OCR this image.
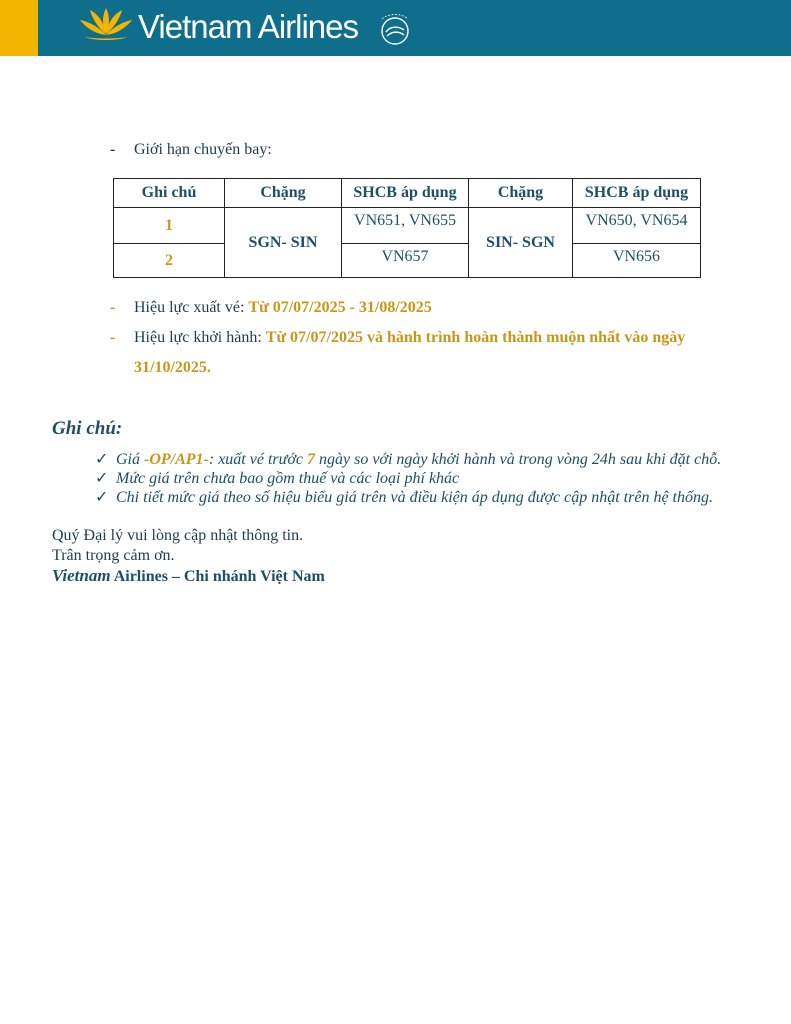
Vietnam Airlines
- Giới hạn chuyến bay:
Ghi chú	Chặng	SHCB áp dụng	Chặng	SHCB áp dụng
1	SGN- SIN	VN651, VN655	SIN- SGN	VN650, VN654
2		VN657		VN656
- Hiệu lực xuất vé: Từ 07/07/2025 - 31/08/2025
- Hiệu lực khởi hành: Từ 07/07/2025 và hành trình hoàn thành muộn nhất vào ngày
31/10/2025.
Ghi chú:
✓ Giá -OP/AP1-: xuất vé trước 7 ngày so với ngày khởi hành và trong vòng 24h sau khi đặt chỗ.
✓ Mức giá trên chưa bao gồm thuế và các loại phí khác
✓ Chi tiết mức giá theo số hiệu biểu giá trên và điều kiện áp dụng được cập nhật trên hệ thống.
Quý Đại lý vui lòng cập nhật thông tin.
Trân trọng cảm ơn.
Vietnam Airlines – Chi nhánh Việt Nam
